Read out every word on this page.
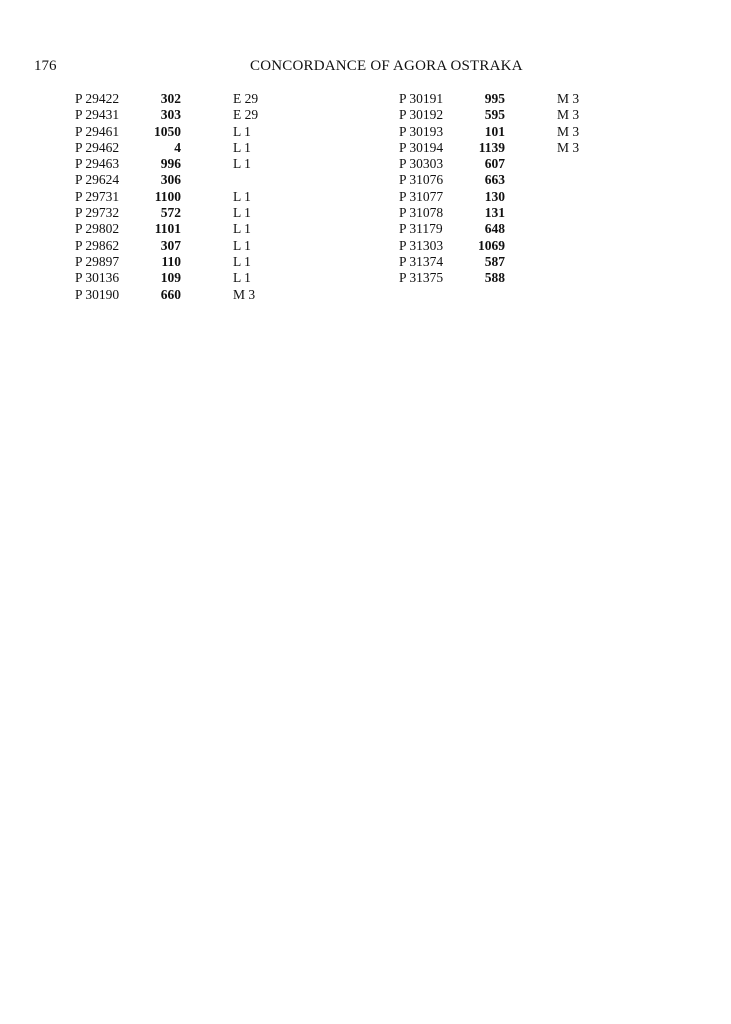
176	CONCORDANCE OF AGORA OSTRAKA
P 29422	302	E 29
P 29431	303	E 29
P 29461	1050	L 1
P 29462	4	L 1
P 29463	996	L 1
P 29624	306
P 29731	1100	L 1
P 29732	572	L 1
P 29802	1101	L 1
P 29862	307	L 1
P 29897	110	L 1
P 30136	109	L 1
P 30190	660	M 3
P 30191	995	M 3
P 30192	595	M 3
P 30193	101	M 3
P 30194	1139	M 3
P 30303	607
P 31076	663
P 31077	130
P 31078	131
P 31179	648
P 31303	1069
P 31374	587
P 31375	588
